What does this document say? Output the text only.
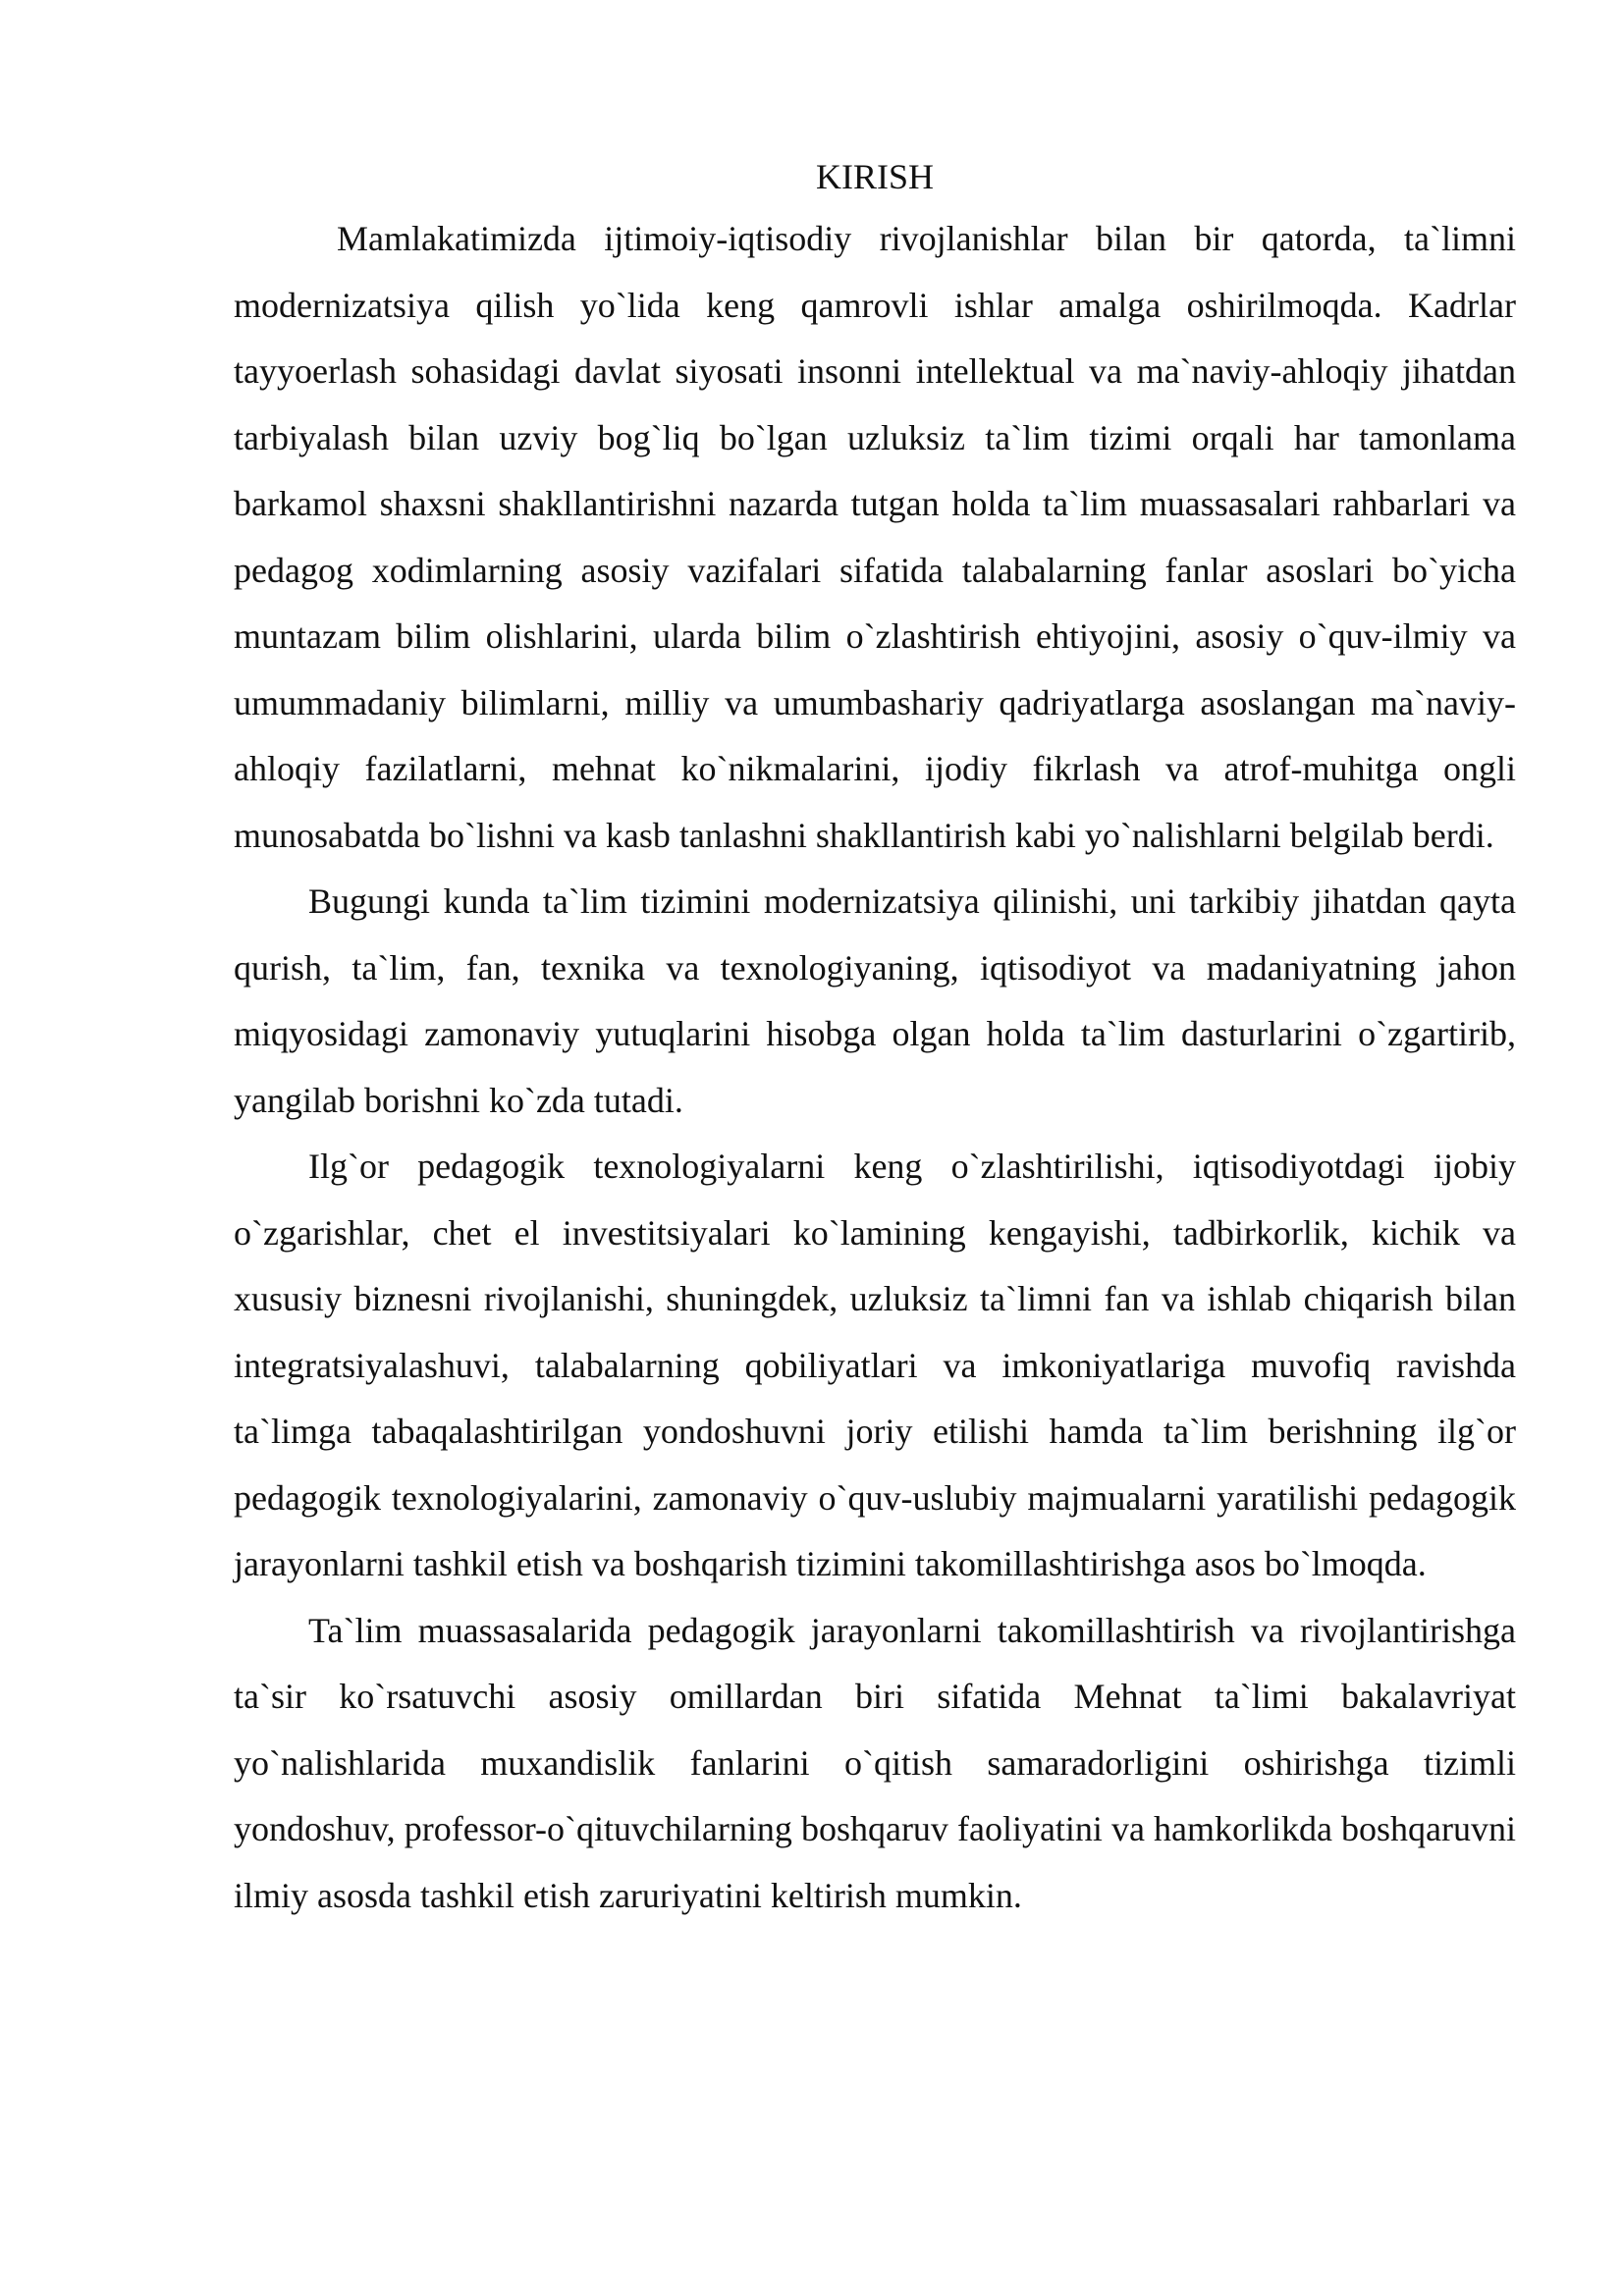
KIRISH

Mamlakatimizda ijtimoiy-iqtisodiy rivojlanishlar bilan bir qatorda, ta`limni modernizatsiya qilish yo`lida keng qamrovli ishlar amalga oshirilmoqda. Kadrlar tayyoerlash sohasidagi davlat siyosati insonni intellektual va ma`naviy-ahloqiy jihatdan tarbiyalash bilan uzviy bog`liq bo`lgan uzluksiz ta`lim tizimi orqali har tamonlama barkamol shaxsni shakllantirishni nazarda tutgan holda ta`lim muassasalari rahbarlari va pedagog xodimlarning asosiy vazifalari sifatida talabalarning fanlar asoslari bo`yicha muntazam bilim olishlarini, ularda bilim o`zlashtirish ehtiyojini, asosiy o`quv-ilmiy va umummadaniy bilimlarni, milliy va umumbashariy qadriyatlarga asoslangan ma`naviy-ahloqiy fazilatlarni, mehnat ko`nikmalarini, ijodiy fikrlash va atrof-muhitga ongli munosabatda bo`lishni va kasb tanlashni shakllantirish kabi yo`nalishlarni belgilab berdi.

Bugungi kunda ta`lim tizimini modernizatsiya qilinishi, uni tarkibiy jihatdan qayta qurish, ta`lim, fan, texnika va texnologiyaning, iqtisodiyot va madaniyatning jahon miqyosidagi zamonaviy yutuqlarini hisobga olgan holda ta`lim dasturlarini o`zgartirib, yangilab borishni ko`zda tutadi.

Ilg`or pedagogik texnologiyalarni keng o`zlashtirilishi, iqtisodiyotdagi ijobiy o`zgarishlar, chet el investitsiyalari ko`lamining kengayishi, tadbirkorlik, kichik va xususiy biznesni rivojlanishi, shuningdek, uzluksiz ta`limni fan va ishlab chiqarish bilan integratsiyalashuvi, talabalarning qobiliyatlari va imkoniyatlariga muvofiq ravishda ta`limga tabaqalashtirilgan yondoshuvni joriy etilishi hamda ta`lim berishning ilg`or pedagogik texnologiyalarini, zamonaviy o`quv-uslubiy majmualarni yaratilishi pedagogik jarayonlarni tashkil etish va boshqarish tizimini takomillashtirishga asos bo`lmoqda.

Ta`lim muassasalarida pedagogik jarayonlarni takomillashtirish va rivojlantirishga ta`sir ko`rsatuvchi asosiy omillardan biri sifatida Mehnat ta`limi bakalavriyat yo`nalishlarida muxandislik fanlarini o`qitish samaradorligini oshirishga tizimli yondoshuv, professor-o`qituvchilarning boshqaruv faoliyatini va hamkorlikda boshqaruvni ilmiy asosda tashkil etish zaruriyatini keltirish mumkin.
